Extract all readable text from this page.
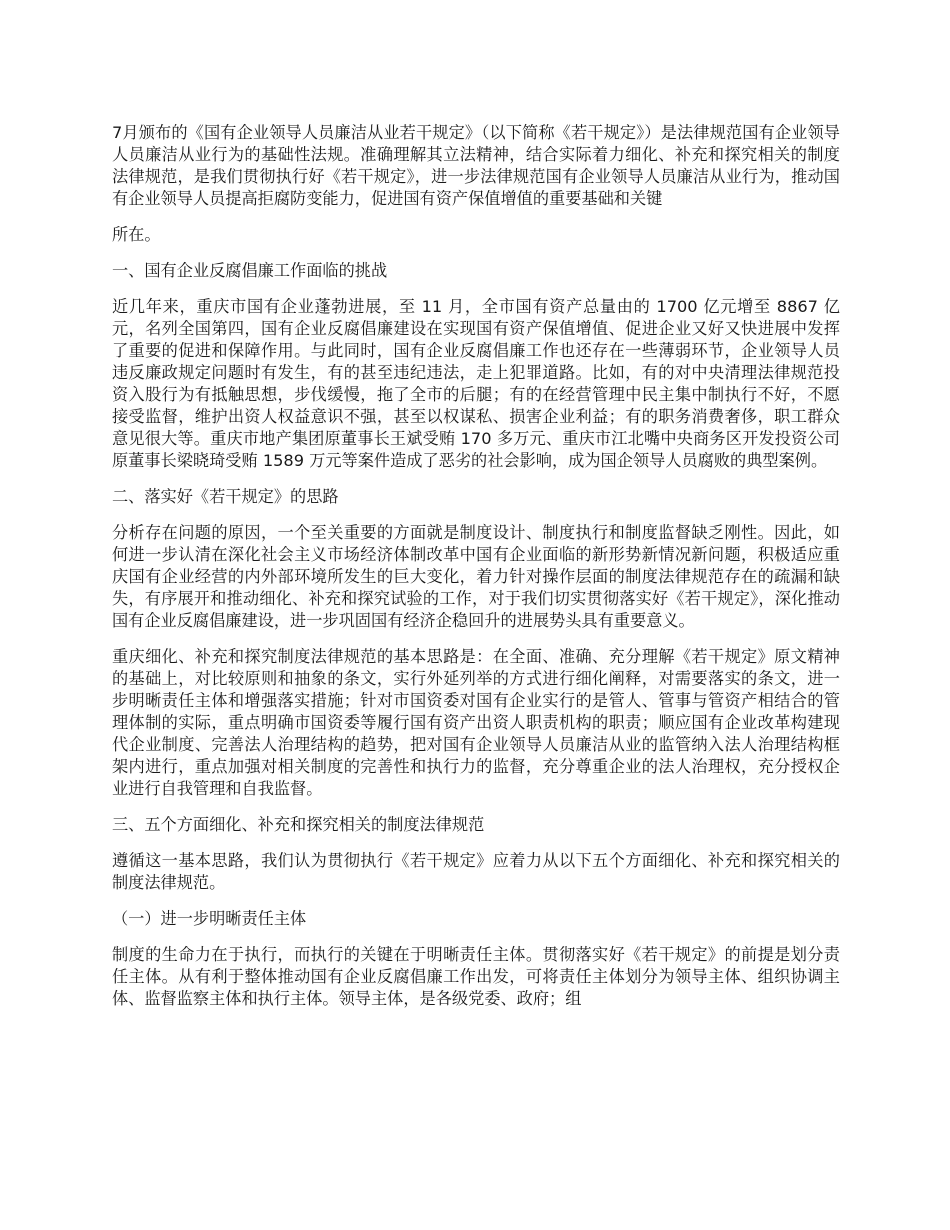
7月颁布的《国有企业领导人员廉洁从业若干规定》（以下简称《若干规定》）是法律规范国有企业领导人员廉洁从业行为的基础性法规。准确理解其立法精神，结合实际着力细化、补充和探究相关的制度法律规范，是我们贯彻执行好《若干规定》，进一步法律规范国有企业领导人员廉洁从业行为，推动国有企业领导人员提高拒腐防变能力，促进国有资产保值增值的重要基础和关键

所在。

一、国有企业反腐倡廉工作面临的挑战

近几年来，重庆市国有企业蓬勃进展，至 11 月，全市国有资产总量由的 1700 亿元增至 8867 亿元，名列全国第四，国有企业反腐倡廉建设在实现国有资产保值增值、促进企业又好又快进展中发挥了重要的促进和保障作用。与此同时，国有企业反腐倡廉工作也还存在一些薄弱环节，企业领导人员违反廉政规定问题时有发生，有的甚至违纪违法，走上犯罪道路。比如，有的对中央清理法律规范投资入股行为有抵触思想，步伐缓慢，拖了全市的后腿；有的在经营管理中民主集中制执行不好，不愿接受监督，维护出资人权益意识不强，甚至以权谋私、损害企业利益；有的职务消费奢侈，职工群众意见很大等。重庆市地产集团原董事长王斌受贿 170 多万元、重庆市江北嘴中央商务区开发投资公司原董事长梁晓琦受贿 1589 万元等案件造成了恶劣的社会影响，成为国企领导人员腐败的典型案例。

二、落实好《若干规定》的思路

分析存在问题的原因，一个至关重要的方面就是制度设计、制度执行和制度监督缺乏刚性。因此，如何进一步认清在深化社会主义市场经济体制改革中国有企业面临的新形势新情况新问题，积极适应重庆国有企业经营的内外部环境所发生的巨大变化，着力针对操作层面的制度法律规范存在的疏漏和缺失，有序展开和推动细化、补充和探究试验的工作，对于我们切实贯彻落实好《若干规定》，深化推动国有企业反腐倡廉建设，进一步巩固国有经济企稳回升的进展势头具有重要意义。

重庆细化、补充和探究制度法律规范的基本思路是：在全面、准确、充分理解《若干规定》原文精神的基础上，对比较原则和抽象的条文，实行外延列举的方式进行细化阐释，对需要落实的条文，进一步明晰责任主体和增强落实措施；针对市国资委对国有企业实行的是管人、管事与管资产相结合的管理体制的实际，重点明确市国资委等履行国有资产出资人职责机构的职责；顺应国有企业改革构建现代企业制度、完善法人治理结构的趋势，把对国有企业领导人员廉洁从业的监管纳入法人治理结构框架内进行，重点加强对相关制度的完善性和执行力的监督，充分尊重企业的法人治理权，充分授权企业进行自我管理和自我监督。

三、五个方面细化、补充和探究相关的制度法律规范

遵循这一基本思路，我们认为贯彻执行《若干规定》应着力从以下五个方面细化、补充和探究相关的制度法律规范。

（一）进一步明晰责任主体

制度的生命力在于执行，而执行的关键在于明晰责任主体。贯彻落实好《若干规定》的前提是划分责任主体。从有利于整体推动国有企业反腐倡廉工作出发，可将责任主体划分为领导主体、组织协调主体、监督监察主体和执行主体。领导主体，是各级党委、政府；组
